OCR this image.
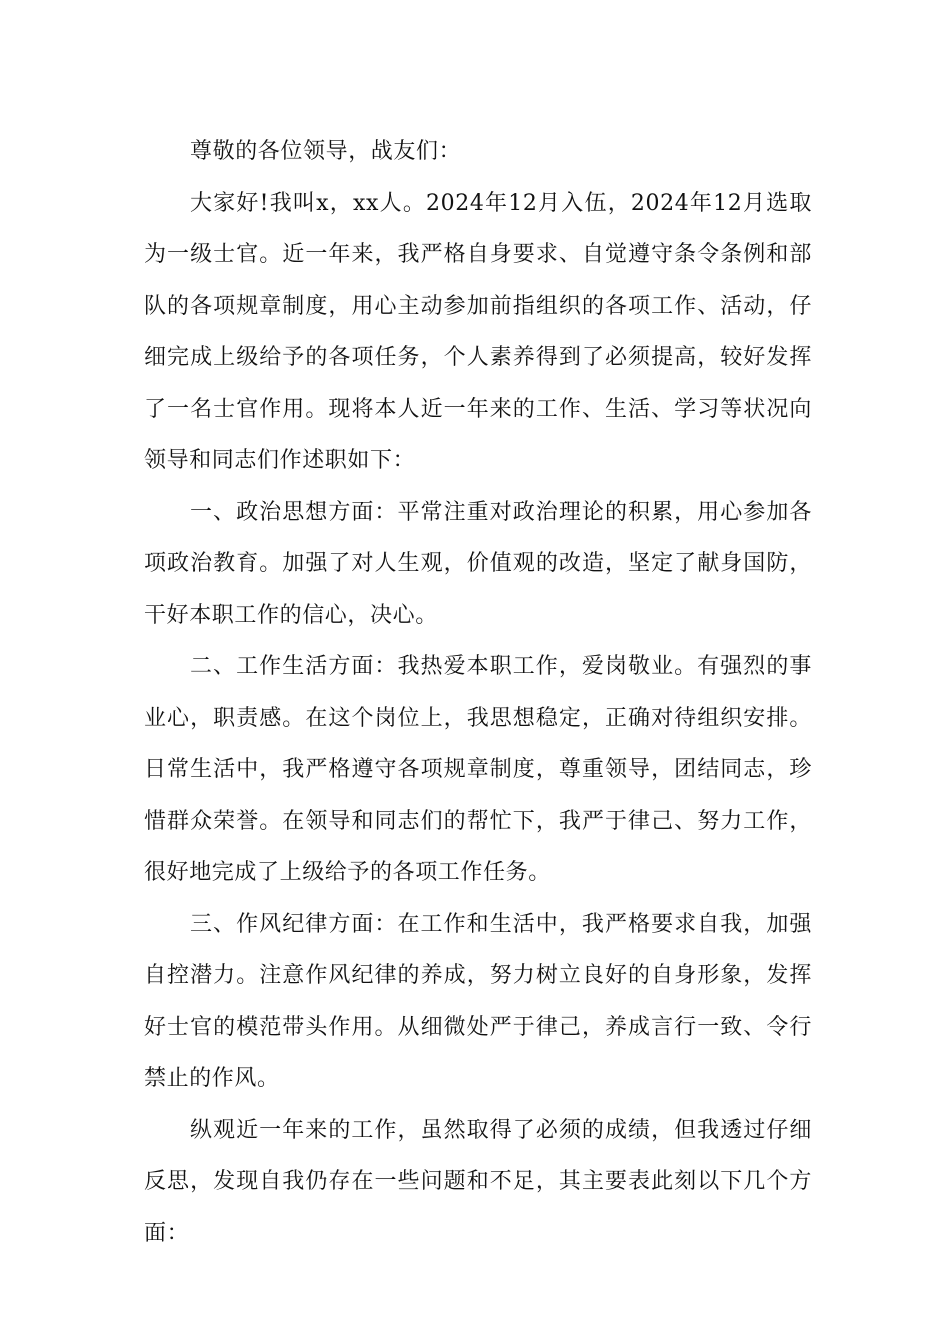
尊敬的各位领导，战友们：

大家好!我叫x，xx人。2024年12月入伍，2024年12月选取为一级士官。近一年来，我严格自身要求、自觉遵守条令条例和部队的各项规章制度，用心主动参加前指组织的各项工作、活动，仔细完成上级给予的各项任务，个人素养得到了必须提高，较好发挥了一名士官作用。现将本人近一年来的工作、生活、学习等状况向领导和同志们作述职如下：

一、政治思想方面：平常注重对政治理论的积累，用心参加各项政治教育。加强了对人生观，价值观的改造，坚定了献身国防，干好本职工作的信心，决心。

二、工作生活方面：我热爱本职工作，爱岗敬业。有强烈的事业心，职责感。在这个岗位上，我思想稳定，正确对待组织安排。日常生活中，我严格遵守各项规章制度，尊重领导，团结同志，珍惜群众荣誉。在领导和同志们的帮忙下，我严于律己、努力工作，很好地完成了上级给予的各项工作任务。

三、作风纪律方面：在工作和生活中，我严格要求自我，加强自控潜力。注意作风纪律的养成，努力树立良好的自身形象，发挥好士官的模范带头作用。从细微处严于律己，养成言行一致、令行禁止的作风。

纵观近一年来的工作，虽然取得了必须的成绩，但我透过仔细反思，发现自我仍存在一些问题和不足，其主要表此刻以下几个方面：
